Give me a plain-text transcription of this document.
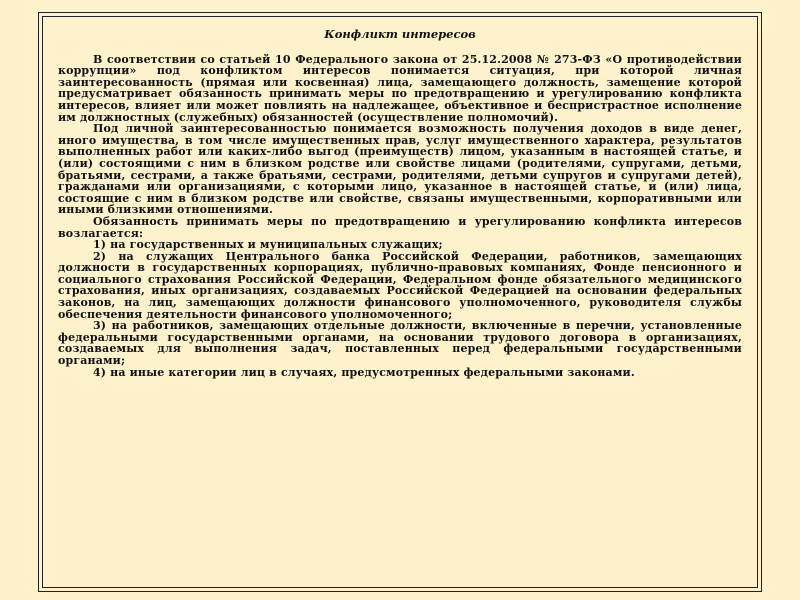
Конфликт интересов

В соответствии со статьей 10 Федерального закона от 25.12.2008 № 273-ФЗ «О противодействии коррупции» под конфликтом интересов понимается ситуация, при которой личная заинтересованность (прямая или косвенная) лица, замещающего должность, замещение которой предусматривает обязанность принимать меры по предотвращению и урегулированию конфликта интересов, влияет или может повлиять на надлежащее, объективное и беспристрастное исполнение им должностных (служебных) обязанностей (осуществление полномочий).

Под личной заинтересованностью понимается возможность получения доходов в виде денег, иного имущества, в том числе имущественных прав, услуг имущественного характера, результатов выполненных работ или каких-либо выгод (преимуществ) лицом, указанным в настоящей статье, и (или) состоящими с ним в близком родстве или свойстве лицами (родителями, супругами, детьми, братьями, сестрами, а также братьями, сестрами, родителями, детьми супругов и супругами детей), гражданами или организациями, с которыми лицо, указанное в настоящей статье, и (или) лица, состоящие с ним в близком родстве или свойстве, связаны имущественными, корпоративными или иными близкими отношениями.

Обязанность принимать меры по предотвращению и урегулированию конфликта интересов возлагается:

1) на государственных и муниципальных служащих;

2) на служащих Центрального банка Российской Федерации, работников, замещающих должности в государственных корпорациях, публично-правовых компаниях, Фонде пенсионного и социального страхования Российской Федерации, Федеральном фонде обязательного медицинского страхования, иных организациях, создаваемых Российской Федерацией на основании федеральных законов, на лиц, замещающих должности финансового уполномоченного, руководителя службы обеспечения деятельности финансового уполномоченного;

3) на работников, замещающих отдельные должности, включенные в перечни, установленные федеральными государственными органами, на основании трудового договора в организациях, создаваемых для выполнения задач, поставленных перед федеральными государственными органами;

4) на иные категории лиц в случаях, предусмотренных федеральными законами.
